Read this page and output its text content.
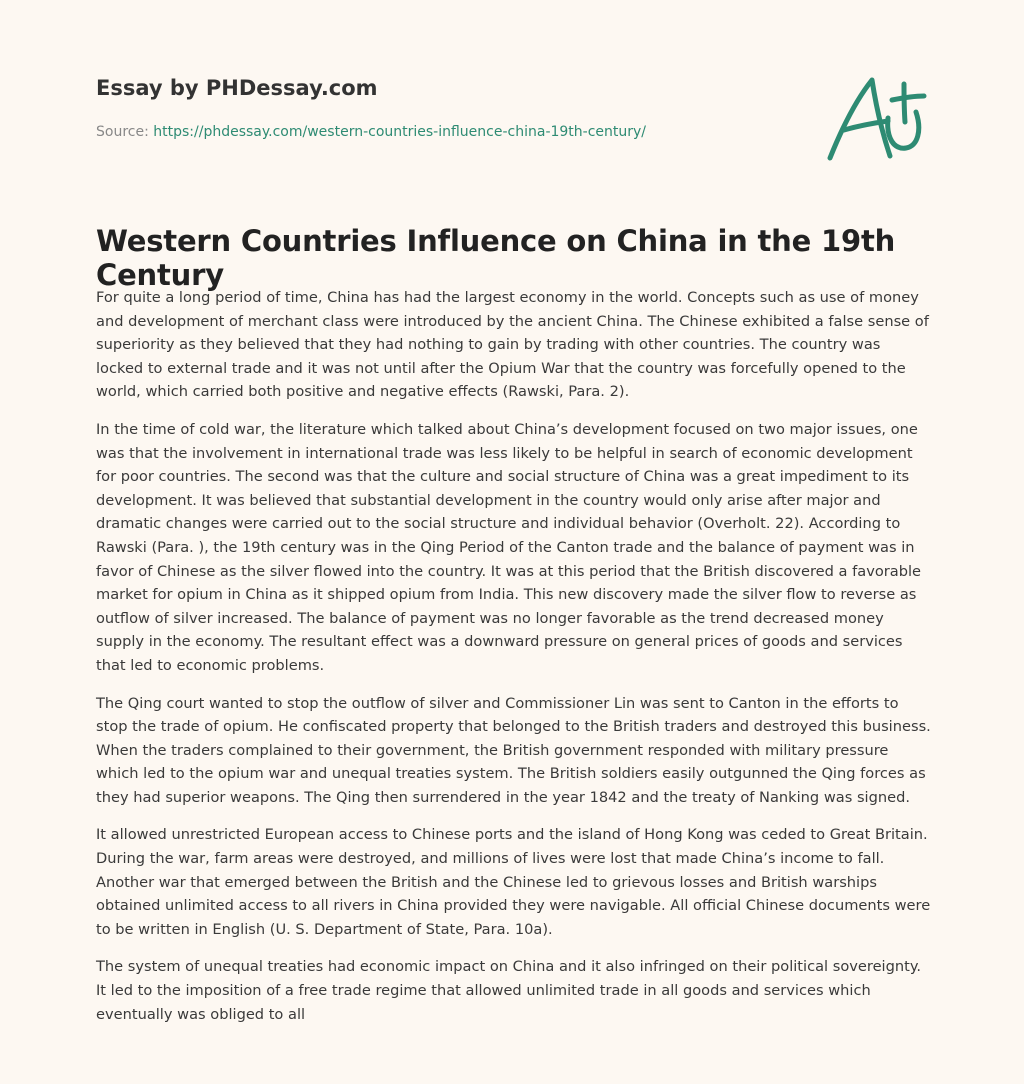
Essay by PHDessay.com

Source: https://phdessay.com/western-countries-influence-china-19th-century/

Western Countries Influence on China in the 19th Century

For quite a long period of time, China has had the largest economy in the world. Concepts such as use of money and development of merchant class were introduced by the ancient China. The Chinese exhibited a false sense of superiority as they believed that they had nothing to gain by trading with other countries. The country was locked to external trade and it was not until after the Opium War that the country was forcefully opened to the world, which carried both positive and negative effects (Rawski, Para. 2).

In the time of cold war, the literature which talked about China’s development focused on two major issues, one was that the involvement in international trade was less likely to be helpful in search of economic development for poor countries. The second was that the culture and social structure of China was a great impediment to its development. It was believed that substantial development in the country would only arise after major and dramatic changes were carried out to the social structure and individual behavior (Overholt. 22). According to Rawski (Para. ), the 19th century was in the Qing Period of the Canton trade and the balance of payment was in favor of Chinese as the silver flowed into the country. It was at this period that the British discovered a favorable market for opium in China as it shipped opium from India. This new discovery made the silver flow to reverse as outflow of silver increased. The balance of payment was no longer favorable as the trend decreased money supply in the economy. The resultant effect was a downward pressure on general prices of goods and services that led to economic problems.

The Qing court wanted to stop the outflow of silver and Commissioner Lin was sent to Canton in the efforts to stop the trade of opium. He confiscated property that belonged to the British traders and destroyed this business. When the traders complained to their government, the British government responded with military pressure which led to the opium war and unequal treaties system. The British soldiers easily outgunned the Qing forces as they had superior weapons. The Qing then surrendered in the year 1842 and the treaty of Nanking was signed.

It allowed unrestricted European access to Chinese ports and the island of Hong Kong was ceded to Great Britain. During the war, farm areas were destroyed, and millions of lives were lost that made China’s income to fall. Another war that emerged between the British and the Chinese led to grievous losses and British warships obtained unlimited access to all rivers in China provided they were navigable. All official Chinese documents were to be written in English (U. S. Department of State, Para. 10a).

The system of unequal treaties had economic impact on China and it also infringed on their political sovereignty. It led to the imposition of a free trade regime that allowed unlimited trade in all goods and services which eventually was obliged to all
